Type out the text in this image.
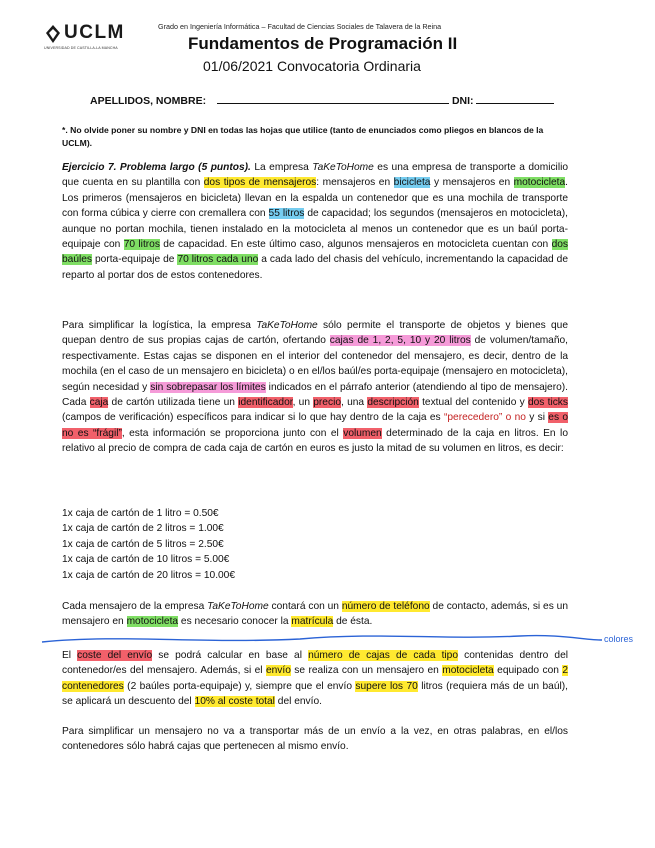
UCLM
UNIVERSIDAD DE CASTILLA-LA MANCHA
Grado en Ingeniería Informática – Facultad de Ciencias Sociales de Talavera de la Reina
Fundamentos de Programación II
01/06/2021 Convocatoria Ordinaria
APELLIDOS, NOMBRE:	DNI:
*. No olvide poner su nombre y DNI en todas las hojas que utilice (tanto de enunciados como pliegos en blancos de la UCLM).
Ejercicio 7. Problema largo (5 puntos). La empresa TaKeToHome es una empresa de transporte a domicilio que cuenta en su plantilla con dos tipos de mensajeros: mensajeros en bicicleta y mensajeros en motocicleta. Los primeros (mensajeros en bicicleta) llevan en la espalda un contenedor que es una mochila de transporte con forma cúbica y cierre con cremallera con 55 litros de capacidad; los segundos (mensajeros en motocicleta), aunque no portan mochila, tienen instalado en la motocicleta al menos un contenedor que es un baúl porta-equipaje con 70 litros de capacidad. En este último caso, algunos mensajeros en motocicleta cuentan con dos baúles porta-equipaje de 70 litros cada uno a cada lado del chasis del vehículo, incrementando la capacidad de reparto al portar dos de estos contenedores.
Para simplificar la logística, la empresa TaKeToHome sólo permite el transporte de objetos y bienes que quepan dentro de sus propias cajas de cartón, ofertando cajas de 1, 2, 5, 10 y 20 litros de volumen/tamaño, respectivamente. Estas cajas se disponen en el interior del contenedor del mensajero, es decir, dentro de la mochila (en el caso de un mensajero en bicicleta) o en el/los baúl/es porta-equipaje (mensajero en motocicleta), según necesidad y sin sobrepasar los límites indicados en el párrafo anterior (atendiendo al tipo de mensajero). Cada caja de cartón utilizada tiene un identificador, un precio, una descripción textual del contenido y dos ticks (campos de verificación) específicos para indicar si lo que hay dentro de la caja es “perecedero” o no y si es o no es “frágil”, esta información se proporciona junto con el volumen determinado de la caja en litros. En lo relativo al precio de compra de cada caja de cartón en euros es justo la mitad de su volumen en litros, es decir:
1x caja de cartón de 1 litro = 0.50€
1x caja de cartón de 2 litros = 1.00€
1x caja de cartón de 5 litros = 2.50€
1x caja de cartón de 10 litros = 5.00€
1x caja de cartón de 20 litros = 10.00€
Cada mensajero de la empresa TaKeToHome contará con un número de teléfono de contacto, además, si es un mensajero en motocicleta es necesario conocer la matrícula de ésta.
colores
El coste del envío se podrá calcular en base al número de cajas de cada tipo contenidas dentro del contenedor/es del mensajero. Además, si el envío se realiza con un mensajero en motocicleta equipado con 2 contenedores (2 baúles porta-equipaje) y, siempre que el envío supere los 70 litros (requiera más de un baúl), se aplicará un descuento del 10% al coste total del envío.
Para simplificar un mensajero no va a transportar más de un envío a la vez, en otras palabras, en el/los contenedores sólo habrá cajas que pertenecen al mismo envío.
